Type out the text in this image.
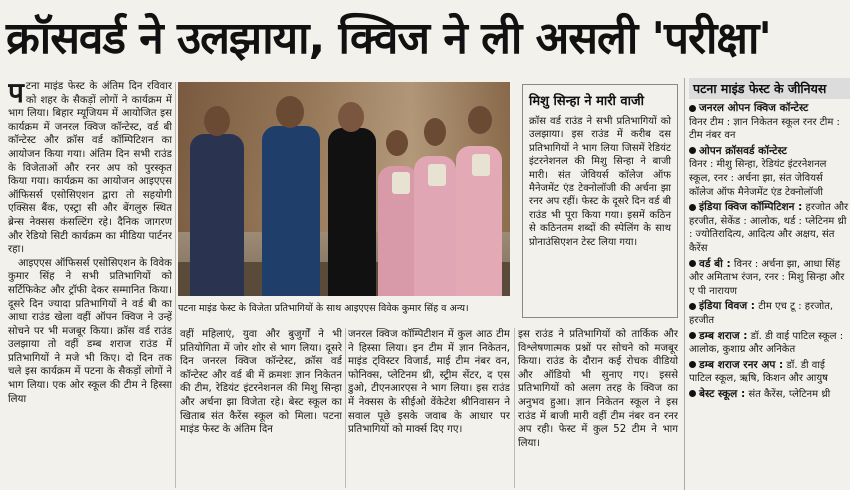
क्रॉसवर्ड ने उलझाया, क्विज ने ली असली 'परीक्षा'
प टना माइंड फेस्ट के अंतिम दिन रविवार को शहर के सैकड़ों लोगों ने कार्यक्रम में भाग लिया। बिहार म्यूजियम में आयोजित इस कार्यक्रम में जनरल क्विज कॉन्टेस्ट, वर्ड बी कॉन्टेस्ट और क्रॉस वर्ड कॉम्पिटिशन का आयोजन किया गया। अंतिम दिन सभी राउंड के विजेताओं और रनर अप को पुरस्कृत किया गया। कार्यक्रम का आयोजन आइएएस ऑफिसर्स एसोसिएशन द्वारा तो सहयोगी एक्सिस बैंक, एस्ट्रा सी और बेंगलुरु स्थित ब्रेन्स नेक्सस कंसल्टिंग रहे। दैनिक जागरण और रेडियो सिटी कार्यक्रम का मीडिया पार्टनर रहा।

आइएएस ऑफिसर्स एसोसिएशन के विवेक कुमार सिंह ने सभी प्रतिभागियों को सर्टिफिकेट और ट्रॉफी देकर सम्मानित किया। दूसरे दिन ज्यादा प्रतिभागियों ने वर्ड बी का आधा राउंड खेला वहीं ऑपन क्विज ने उन्हें सोचने पर भी मजबूर किया। क्रॉस वर्ड राउंड उलझाया तो वहीं डम्ब शराज राउंड में प्रतिभागियों ने मजे भी किए। दो दिन तक चले इस कार्यक्रम में पटना के सैकड़ों लोगों ने भाग लिया। एक ओर स्कूल की टीम ने हिस्सा लिया

पटना माइंड फेस्ट के विजेता प्रतिभागियों के साथ आइएएस विवेक कुमार सिंह व अन्य।
मिशु सिन्हा ने मारी वाजी
क्रॉस वर्ड राउंड ने सभी प्रतिभागियों को उलझाया। इस राउंड में करीब दस प्रतिभागियों ने भाग लिया जिसमें रेडियंट इंटरनेशनल की मिशु सिन्हा ने बाजी मारी। संत जेवियर्स कॉलेज ऑफ मैनेजमेंट एंड टेक्नोलॉजी की अर्चना झा रनर अप रहीं। फेस्ट के दूसरे दिन वर्ड बी राउंड भी पूरा किया गया। इसमें कठिन से कठिनतम शब्दों की स्पेलिंग के साथ प्रोनाउंसिएशन टेस्ट लिया गया।
वहीं महिलाएं, युवा और बुजुर्गों ने भी प्रतियोगिता में जोर शोर से भाग लिया। दूसरे दिन जनरल क्विज कॉन्टेस्ट, क्रॉस वर्ड कॉन्टेस्ट और वर्ड बी में क्रमशः ज्ञान निकेतन की टीम, रेडियंट इंटरनेशनल की मिशु सिन्हा और अर्चना झा विजेता रहे। बेस्ट स्कूल का खिताब संत कैरेंस स्कूल को मिला। पटना माइंड फेस्ट के अंतिम दिन
जनरल क्विज कॉम्पिटीशन में कुल आठ टीम ने हिस्सा लिया। इन टीम में ज्ञान निकेतन, माइंड ट्विस्टर विजार्ड, माई टीम नंबर वन, फोनिक्स, प्लेटिनम थ्री, स्ट्रीम सेंटर, द एस डुओ, टीएनआरएस ने भाग लिया। इस राउंड में नेक्सस के सीईओ वेंकेटेश श्रीनिवासन ने सवाल पूछे इसके जवाब के आधार पर प्रतिभागियों को मार्क्स दिए गए।
इस राउंड ने प्रतिभागियों को तार्किक और विश्लेषणात्मक प्रश्नों पर सोचने को मजबूर किया। राउंड के दौरान कई रोचक वीडियो और ऑडियो भी सुनाए गए। इससे प्रतिभागियों को अलग तरह के क्विज का अनुभव हुआ। ज्ञान निकेतन स्कूल ने इस राउंड में बाजी मारी वहीं टीम नंबर वन रनर अप रही। फेस्ट में कुल 52 टीम ने भाग लिया।
पटना माइंड फेस्ट के जीनियस
जनरल ओपन क्विज कॉन्टेस्ट
विनर टीम : ज्ञान निकेतन स्कूल रनर टीम : टीम नंबर वन
ओपन क्रॉसवर्ड कॉन्टेस्ट
विनर : मीशु सिन्हा, रेडियंट इंटरनेशनल स्कूल, रनर : अर्चना झा, संत जेवियर्स कॉलेज ऑफ मैनेजमेंट एंड टेक्नोलॉजी
इंडिया क्विज कॉम्पिटिशन : हरजोत और हरजीत, सेकेंड : आलोक, थर्ड : प्लेटिनम थ्री : ज्योतिरादित्य, आदित्य और अक्षय, संत कैरेंस
वर्ड बी : विनर : अर्चना झा, आधा सिंह और अमिताभ रंजन, रनर : मिशु सिन्हा और ए पी नारायण
इंडिया विवज : टीम एच टू : हरजोत, हरजीत
डम्ब शराज : डॉ. डी वाई पाटिल स्कूल : आलोक, कुशाग्र और अनिकेत
डम्ब शराज रनर अप : डॉ. डी वाई पाटिल स्कूल, ऋषि, किशन और आयुष
बेस्ट स्कूल : संत कैरेंस, प्लेटिनम थ्री
